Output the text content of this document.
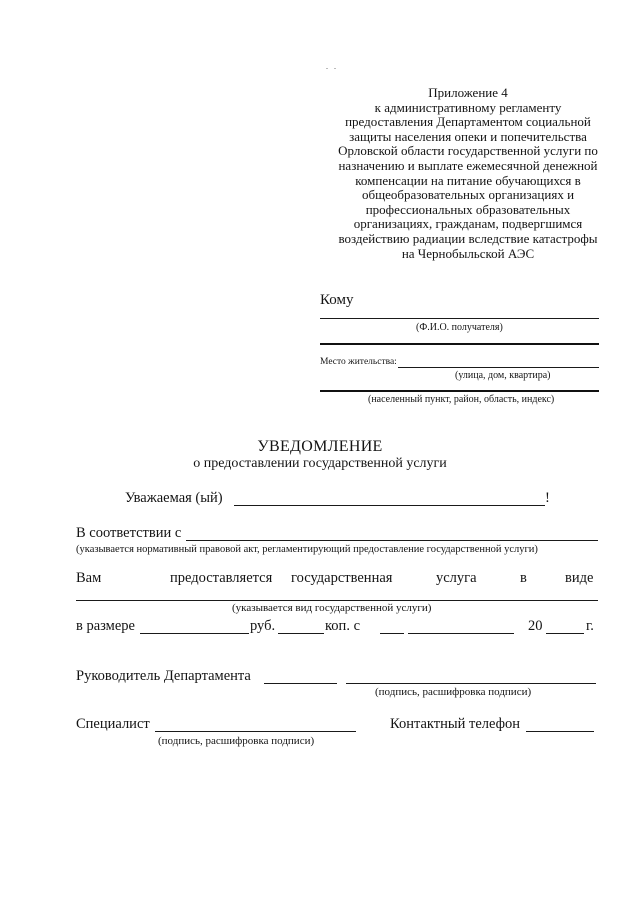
Приложение 4
к административному регламенту
предоставления Департаментом социальной
защиты населения опеки и попечительства
Орловской области государственной услуги по
назначению и выплате ежемесячной денежной
компенсации на питание обучающихся в
общеобразовательных организациях и
профессиональных образовательных
организациях, гражданам, подвергшимся
воздействию радиации вследствие катастрофы
на Чернобыльской АЭС
Кому
(Ф.И.О. получателя)
Место жительства:
(улица, дом, квартира)
(населенный пункт, район, область, индекс)
УВЕДОМЛЕНИЕ
о предоставлении государственной услуги
Уважаемая (ый)	!
В соответствии с
(указывается нормативный правовой акт, регламентирующий предоставление государственной услуги)
Вам	предоставляется государственная	услуга	в	виде
(указывается вид государственной услуги)
в размере	руб.	коп. с	20	г.
Руководитель Департамента
(подпись, расшифровка подписи)
Специалист
(подпись, расшифровка подписи)
Контактный телефон
